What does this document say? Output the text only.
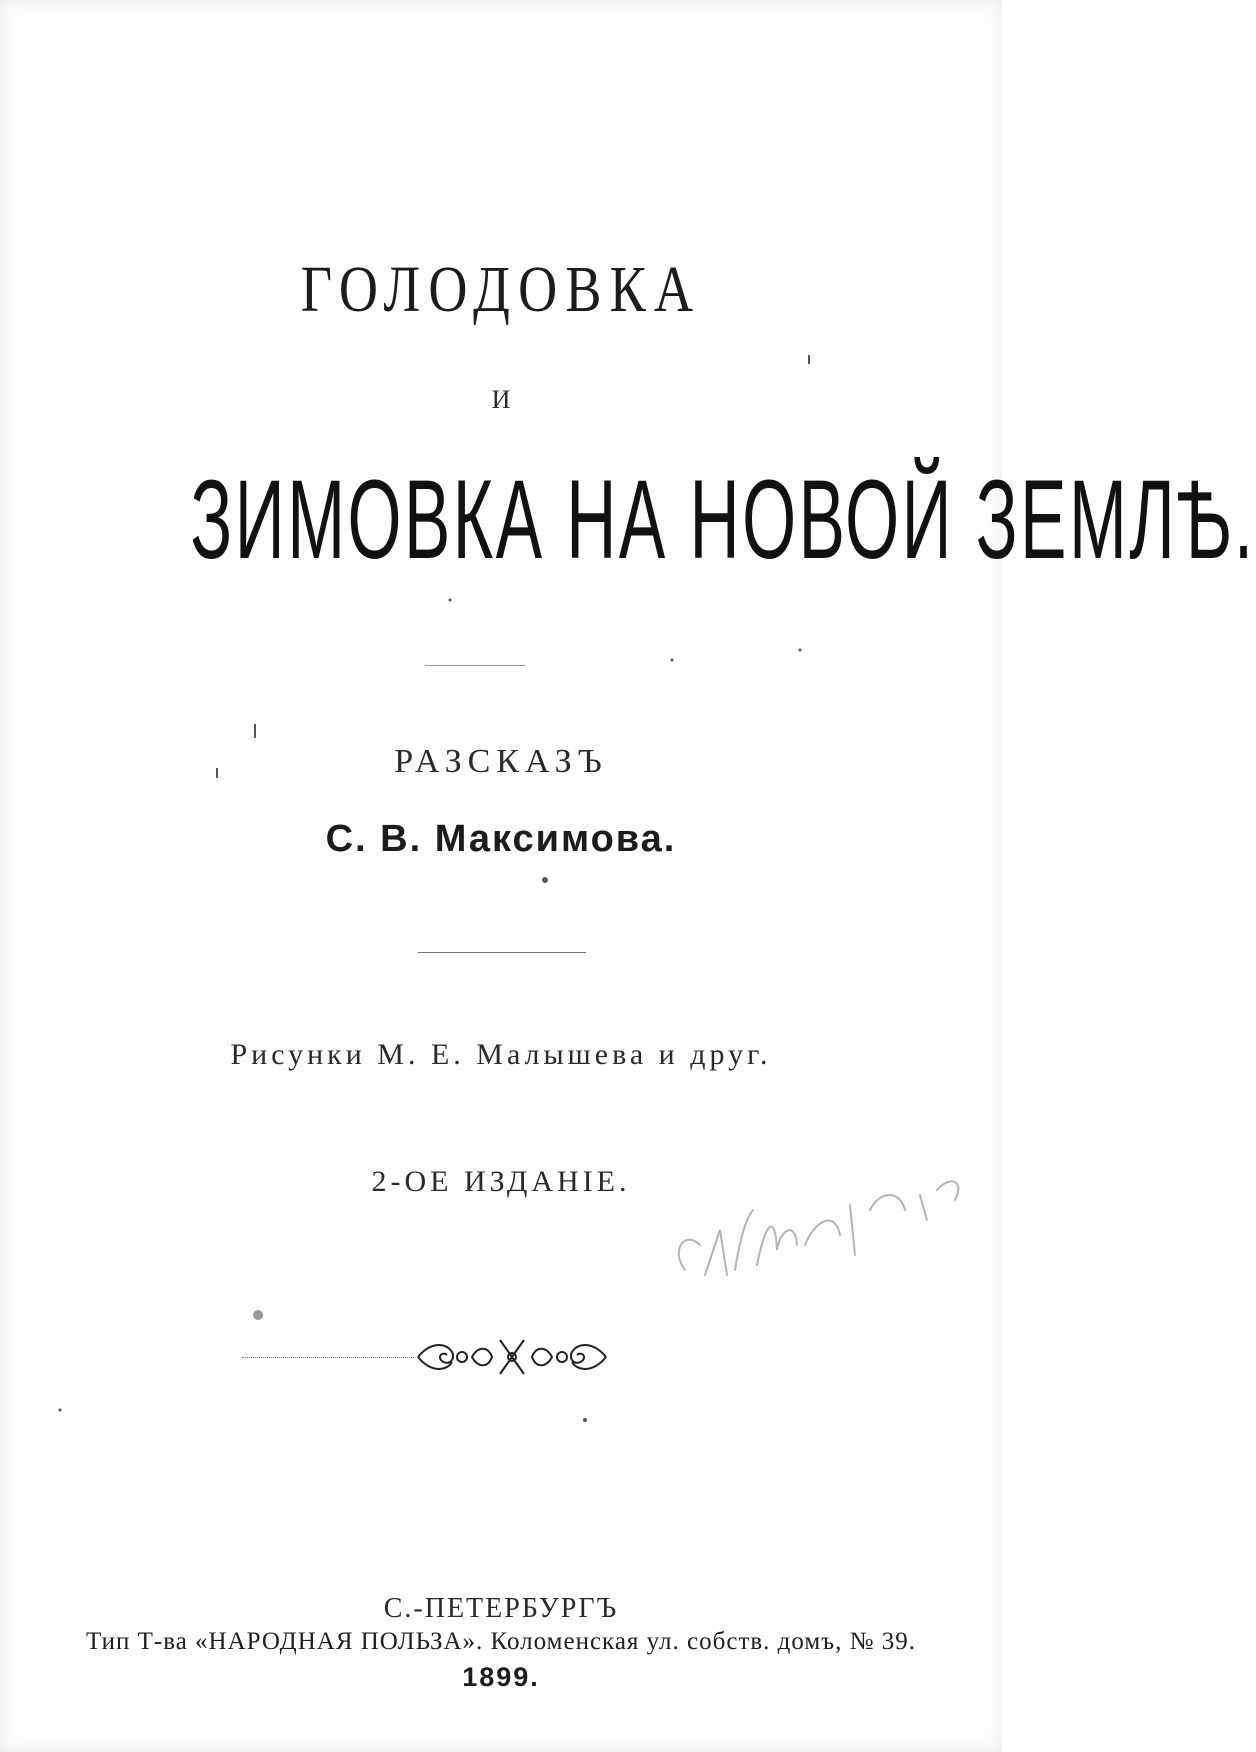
ГОЛОДОВКА
И
ЗИМОВКА НА НОВОЙ ЗЕМЛѢ.
РАЗСКАЗЪ
С. В. Максимова.
Рисунки М. Е. Малышева и друг.
2-ОЕ ИЗДАНІЕ.
С.-ПЕТЕРБУРГЪ
Тип Т-ва «НАРОДНАЯ ПОЛЬЗА». Коломенская ул. собств. домъ, № 39.
1899.
